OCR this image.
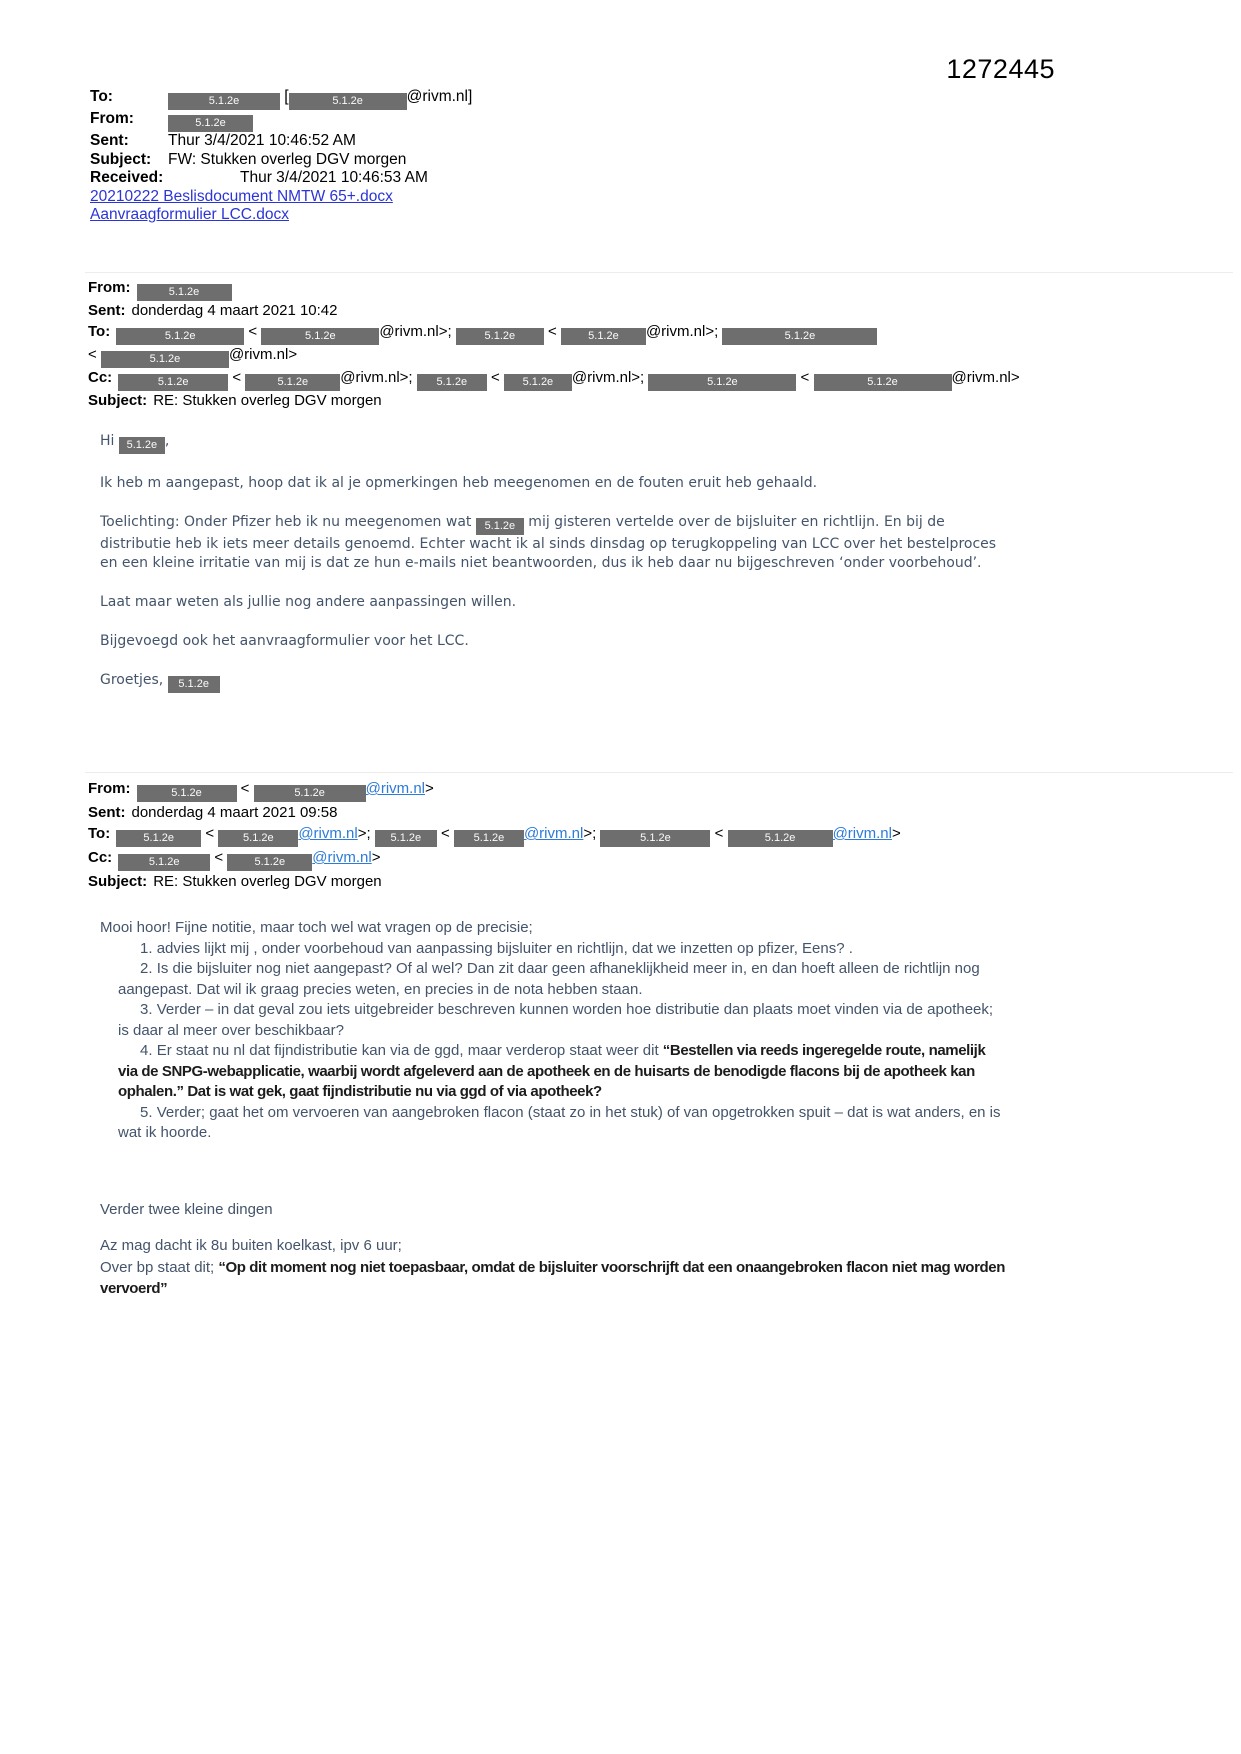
1272445
To:	5.1.2e	[	5.1.2e	@rivm.nl]
From:	5.1.2e
Sent:	Thur 3/4/2021 10:46:52 AM
Subject:	FW: Stukken overleg DGV morgen
Received:	Thur 3/4/2021 10:46:53 AM
20210222 Beslisdocument NMTW 65+.docx
Aanvraagformulier LCC.docx
From:	5.1.2e
Sent: donderdag 4 maart 2021 10:42
To:	5.1.2e	<	5.1.2e	@rivm.nl>;	5.1.2e < 5.1.2e @rivm.nl>;	5.1.2e
<	5.1.2e	@rivm.nl>
Cc:	5.1.2e	<	5.1.2e @rivm.nl>; 5.1.2e < 5.1.2e @rivm.nl>;	5.1.2e	<	5.1.2e	@rivm.nl>
Subject: RE: Stukken overleg DGV morgen

Hi 5.1.2e ,

Ik heb m aangepast, hoop dat ik al je opmerkingen heb meegenomen en de fouten eruit heb gehaald.

Toelichting: Onder Pfizer heb ik nu meegenomen wat 5.1.2e mij gisteren vertelde over de bijsluiter en richtlijn. En bij de distributie heb ik iets meer details genoemd. Echter wacht ik al sinds dinsdag op terugkoppeling van LCC over het bestelproces en een kleine irritatie van mij is dat ze hun e-mails niet beantwoorden, dus ik heb daar nu bijgeschreven ‘onder voorbehoud’.

Laat maar weten als jullie nog andere aanpassingen willen.

Bijgevoegd ook het aanvraagformulier voor het LCC.

Groetjes, 5.1.2e

From:	5.1.2e <	5.1.2e	@rivm.nl>
Sent: donderdag 4 maart 2021 09:58
To:	5.1.2e < 5.1.2e @rivm.nl>; 5.1.2e < 5.1.2e @rivm.nl>;	5.1.2e	<	5.1.2e @rivm.nl>
Cc:	5.1.2e < 5.1.2e @rivm.nl>
Subject: RE: Stukken overleg DGV morgen
Mooi hoor! Fijne notitie, maar toch wel wat vragen op de precisie;
1. advies lijkt mij , onder voorbehoud van aanpassing bijsluiter en richtlijn, dat we inzetten op pfizer, Eens? .
2. Is die bijsluiter nog niet aangepast? Of al wel? Dan zit daar geen afhaneklijkheid meer in, en dan hoeft alleen de richtlijn nog aangepast. Dat wil ik graag precies weten, en precies in de nota hebben staan.
3. Verder – in dat geval zou iets uitgebreider beschreven kunnen worden hoe distributie dan plaats moet vinden via de apotheek; is daar al meer over beschikbaar?
4. Er staat nu nl dat fijndistributie kan via de ggd, maar verderop staat weer dit “Bestellen via reeds ingeregelde route, namelijk via de SNPG-webapplicatie, waarbij wordt afgeleverd aan de apotheek en de huisarts de benodigde flacons bij de apotheek kan ophalen.” Dat is wat gek, gaat fijndistributie nu via ggd of via apotheek?
5. Verder; gaat het om vervoeren van aangebroken flacon (staat zo in het stuk) of van opgetrokken spuit – dat is wat anders, en is wat ik hoorde.
Verder twee kleine dingen
Az mag dacht ik 8u buiten koelkast, ipv 6 uur;
Over bp staat dit; “Op dit moment nog niet toepasbaar, omdat de bijsluiter voorschrijft dat een onaangebroken flacon niet mag worden vervoerd”
